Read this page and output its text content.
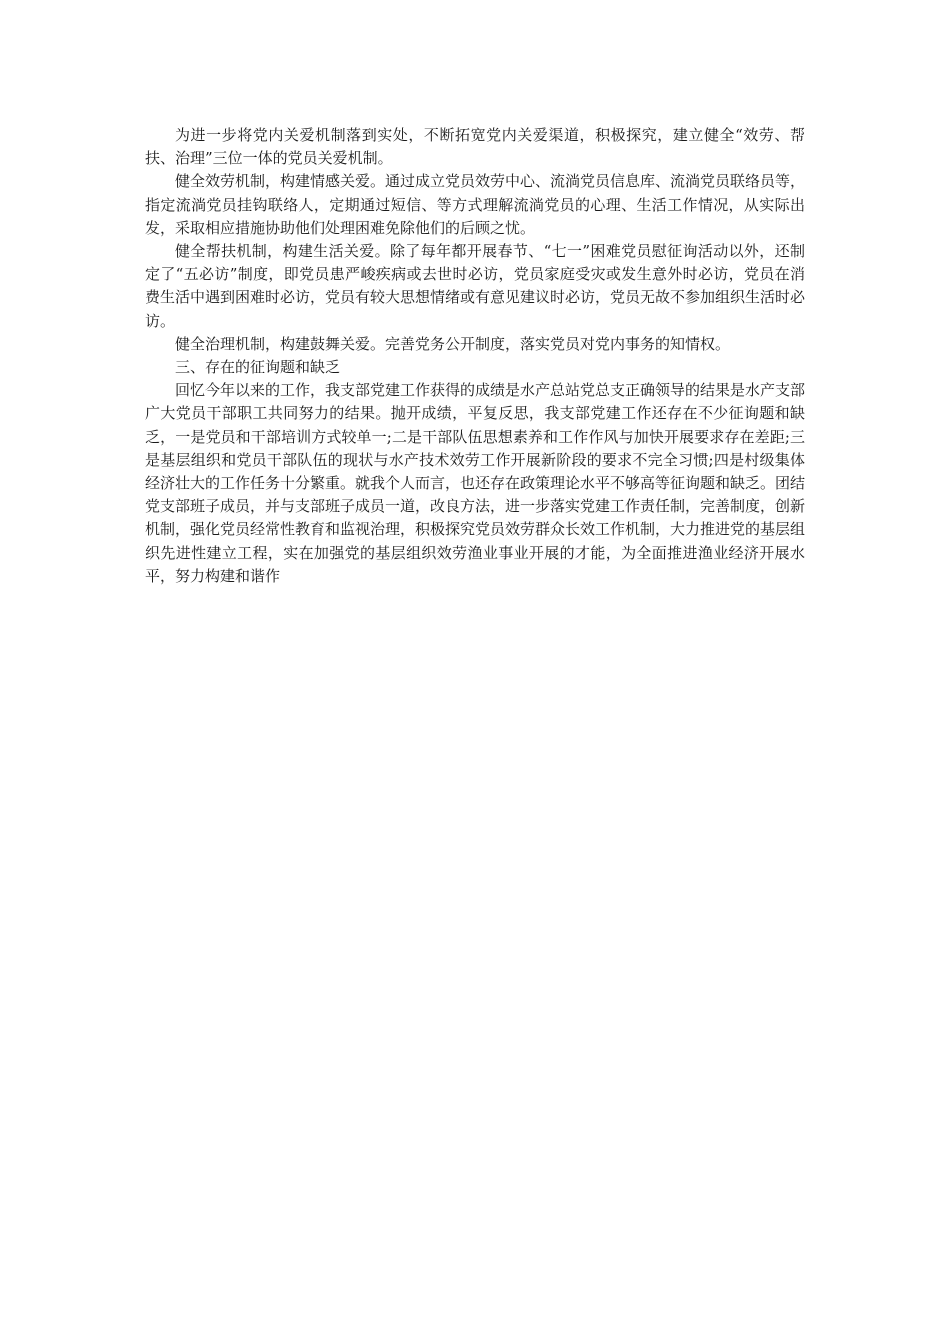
为进一步将党内关爱机制落到实处，不断拓宽党内关爱渠道，积极探究，建立健全“效劳、帮扶、治理”三位一体的党员关爱机制。

健全效劳机制，构建情感关爱。通过成立党员效劳中心、流淌党员信息库、流淌党员联络员等，指定流淌党员挂钩联络人，定期通过短信、等方式理解流淌党员的心理、生活工作情况，从实际出发，采取相应措施协助他们处理困难免除他们的后顾之忧。

健全帮扶机制，构建生活关爱。除了每年都开展春节、“七一”困难党员慰征询活动以外，还制定了“五必访”制度，即党员患严峻疾病或去世时必访，党员家庭受灾或发生意外时必访，党员在消费生活中遇到困难时必访，党员有较大思想情绪或有意见建议时必访，党员无故不参加组织生活时必访。

健全治理机制，构建鼓舞关爱。完善党务公开制度，落实党员对党内事务的知情权。

三、存在的征询题和缺乏

回忆今年以来的工作，我支部党建工作获得的成绩是水产总站党总支正确领导的结果是水产支部广大党员干部职工共同努力的结果。抛开成绩，平复反思，我支部党建工作还存在不少征询题和缺乏，一是党员和干部培训方式较单一;二是干部队伍思想素养和工作作风与加快开展要求存在差距;三是基层组织和党员干部队伍的现状与水产技术效劳工作开展新阶段的要求不完全习惯;四是村级集体经济壮大的工作任务十分繁重。就我个人而言，也还存在政策理论水平不够高等征询题和缺乏。团结党支部班子成员，并与支部班子成员一道，改良方法，进一步落实党建工作责任制，完善制度，创新机制，强化党员经常性教育和监视治理，积极探究党员效劳群众长效工作机制，大力推进党的基层组织先进性建立工程，实在加强党的基层组织效劳渔业事业开展的才能，为全面推进渔业经济开展水平，努力构建和谐作
